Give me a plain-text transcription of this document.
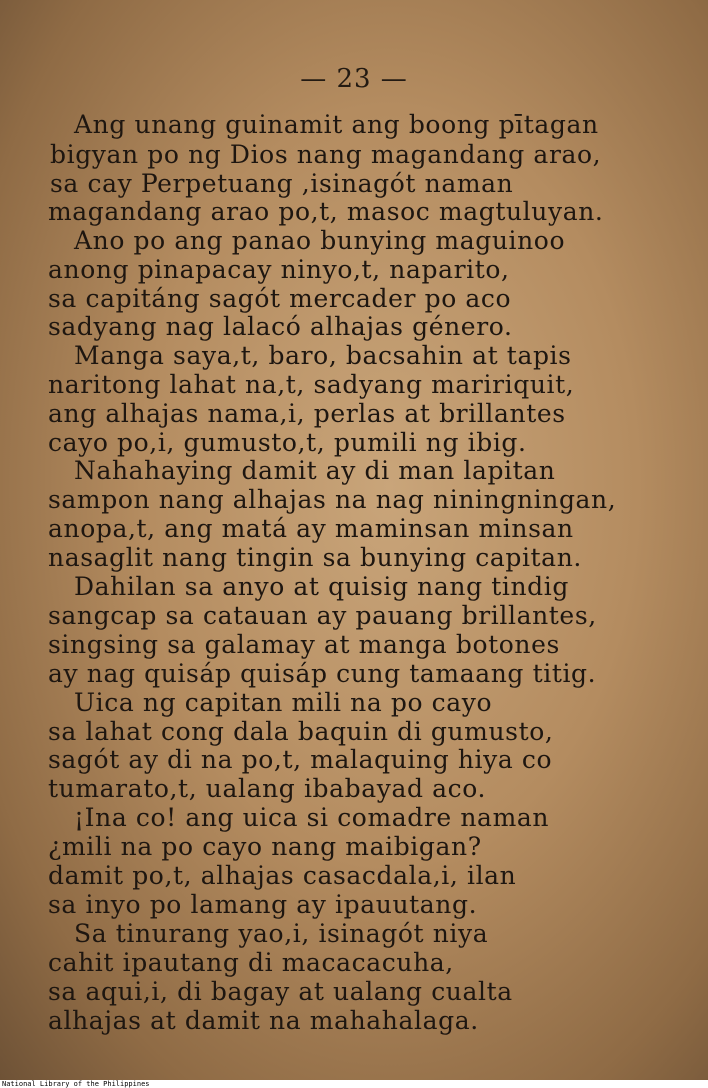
— 23 —
Ang unang guinamit ang boong pītagan
bigyan po ng Dios nang magandang arao,
sa cay Perpetuang ,isinagót naman
magandang arao po,t, masoc magtuluyan.
Ano po ang panao bunying maguinoo
anong pinapacay ninyo,t, naparito,
sa capitáng sagót mercader po aco
sadyang nag lalacó alhajas género.
Manga saya,t, baro, bacsahin at tapis
naritong lahat na,t, sadyang maririquit,
ang alhajas nama,i, perlas at brillantes
cayo po,i, gumusto,t, pumili ng ibig.
Nahahaying damit ay di man lapitan
sampon nang alhajas na nag niningningan,
anopa,t, ang matá ay maminsan minsan
nasaglit nang tingin sa bunying capitan.
Dahilan sa anyo at quisig nang tindig
sangcap sa catauan ay pauang brillantes,
singsing sa galamay at manga botones
ay nag quisáp quisáp cung tamaang titig.
Uica ng capitan mili na po cayo
sa lahat cong dala baquin di gumusto,
sagót ay di na po,t, malaquing hiya co
tumarato,t, ualang ibabayad aco.
¡Ina co! ang uica si comadre naman
¿mili na po cayo nang maibigan?
damit po,t, alhajas casacdala,i, ilan
sa inyo po lamang ay ipauutang.
Sa tinurang yao,i, isinagót niya
cahit ipautang di macacacuha,
sa aqui,i, di bagay at ualang cualta
alhajas at damit na mahahalaga.
National Library of the Philippines
